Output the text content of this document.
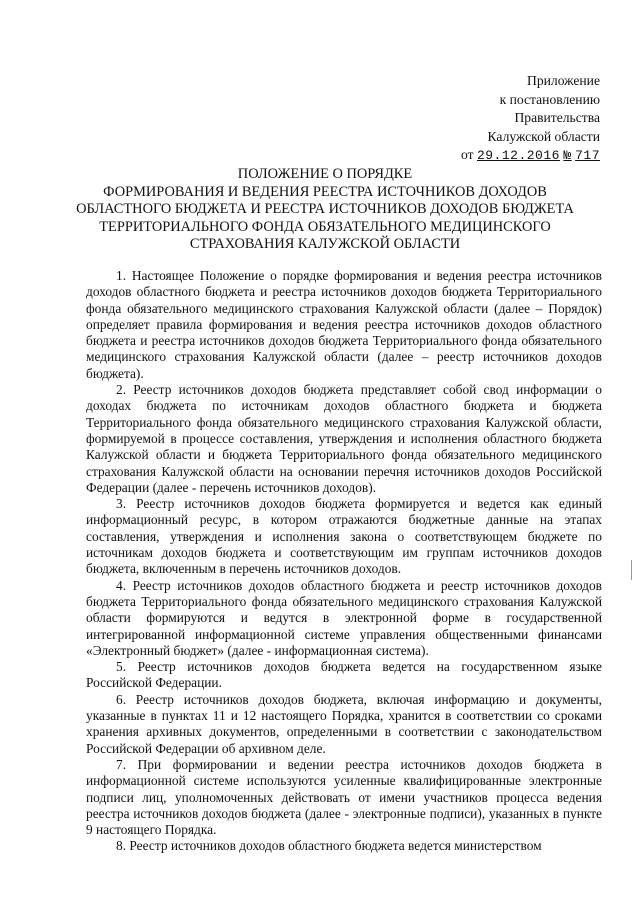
Приложение
к постановлению
Правительства
Калужской области
от 29.12.2016 № 717
ПОЛОЖЕНИЕ О ПОРЯДКЕ
ФОРМИРОВАНИЯ И ВЕДЕНИЯ РЕЕСТРА ИСТОЧНИКОВ ДОХОДОВ
ОБЛАСТНОГО БЮДЖЕТА И РЕЕСТРА ИСТОЧНИКОВ ДОХОДОВ БЮДЖЕТА
ТЕРРИТОРИАЛЬНОГО ФОНДА ОБЯЗАТЕЛЬНОГО МЕДИЦИНСКОГО
СТРАХОВАНИЯ КАЛУЖСКОЙ ОБЛАСТИ

1. Настоящее Положение о порядке формирования и ведения реестра источников доходов областного бюджета и реестра источников доходов бюджета Территориального фонда обязательного медицинского страхования Калужской области (далее – Порядок) определяет правила формирования и ведения реестра источников доходов областного бюджета и реестра источников доходов бюджета Территориального фонда обязательного медицинского страхования Калужской области (далее – реестр источников доходов бюджета).

2. Реестр источников доходов бюджета представляет собой свод информации о доходах бюджета по источникам доходов областного бюджета и бюджета Территориального фонда обязательного медицинского страхования Калужской области, формируемой в процессе составления, утверждения и исполнения областного бюджета Калужской области и бюджета Территориального фонда обязательного медицинского страхования Калужской области на основании перечня источников доходов Российской Федерации (далее - перечень источников доходов).

3. Реестр источников доходов бюджета формируется и ведется как единый информационный ресурс, в котором отражаются бюджетные данные на этапах составления, утверждения и исполнения закона о соответствующем бюджете по источникам доходов бюджета и соответствующим им группам источников доходов бюджета, включенным в перечень источников доходов.

4. Реестр источников доходов областного бюджета и реестр источников доходов бюджета Территориального фонда обязательного медицинского страхования Калужской области формируются и ведутся в электронной форме в государственной интегрированной информационной системе управления общественными финансами «Электронный бюджет» (далее - информационная система).

5. Реестр источников доходов бюджета ведется на государственном языке Российской Федерации.

6. Реестр источников доходов бюджета, включая информацию и документы, указанные в пунктах 11 и 12 настоящего Порядка, хранится в соответствии со сроками хранения архивных документов, определенными в соответствии с законодательством Российской Федерации об архивном деле.

7. При формировании и ведении реестра источников доходов бюджета в информационной системе используются усиленные квалифицированные электронные подписи лиц, уполномоченных действовать от имени участников процесса ведения реестра источников доходов бюджета (далее - электронные подписи), указанных в пункте 9 настоящего Порядка.

8. Реестр источников доходов областного бюджета ведется министерством
